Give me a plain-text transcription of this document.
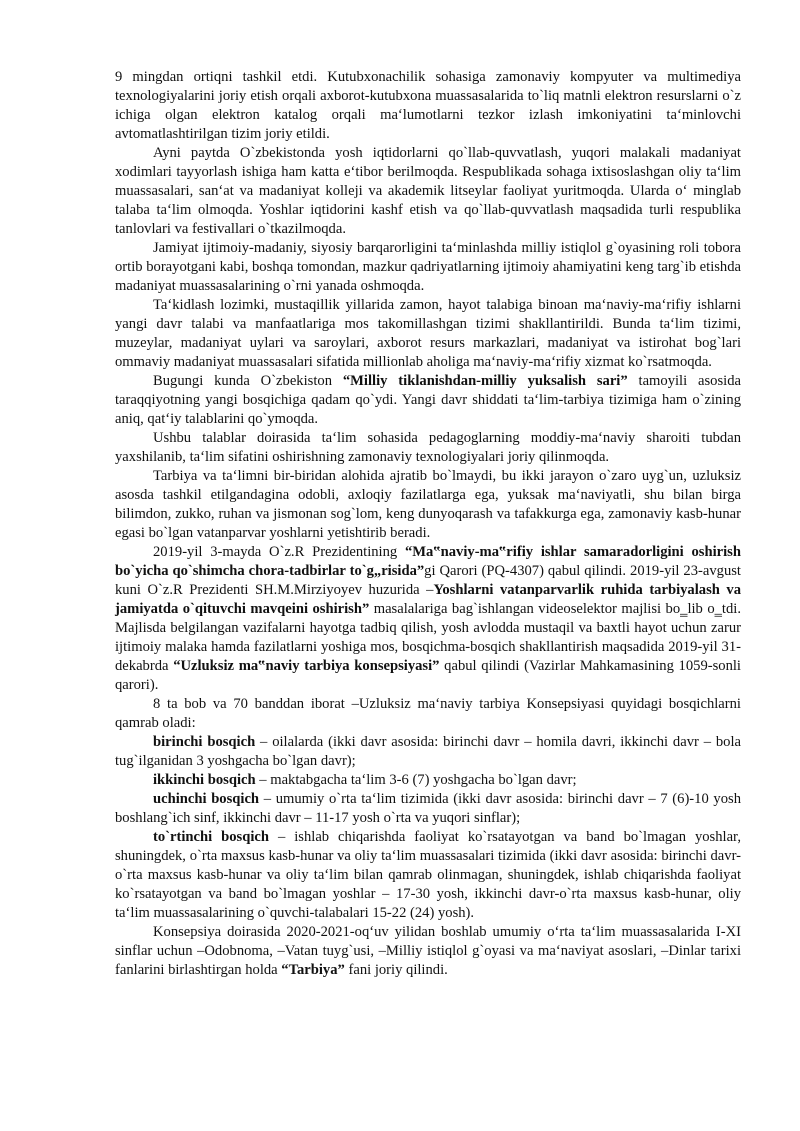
9 mingdan ortiqni tashkil etdi. Kutubxonachilik sohasiga zamonaviy kompyuter va multimediya texnologiyalarini joriy etish orqali axborot-kutubxona muassasalarida to`liq matnli elektron resurslarni o`z ichiga olgan elektron katalog orqali ma‘lumotlarni tezkor izlash imkoniyatini ta‘minlovchi avtomatlashtirilgan tizim joriy etildi.

Ayni paytda O`zbekistonda yosh iqtidorlarni qo`llab-quvvatlash, yuqori malakali madaniyat xodimlari tayyorlash ishiga ham katta e‘tibor berilmoqda. Respublikada sohaga ixtisoslashgan oliy ta‘lim muassasalari, san‘at va madaniyat kolleji va akademik litseylar faoliyat yuritmoqda. Ularda o‘ minglab talaba ta‘lim olmoqda. Yoshlar iqtidorini kashf etish va qo`llab-quvvatlash maqsadida turli respublika tanlovlari va festivallari o`tkazilmoqda.

Jamiyat ijtimoiy-madaniy, siyosiy barqarorligini ta‘minlashda milliy istiqlol g`oyasining roli tobora ortib borayotgani kabi, boshqa tomondan, mazkur qadriyatlarning ijtimoiy ahamiyatini keng targ`ib etishda madaniyat muassasalarining o`rni yanada oshmoqda.

Ta‘kidlash lozimki, mustaqillik yillarida zamon, hayot talabiga binoan ma‘naviy-ma‘rifiy ishlarni yangi davr talabi va manfaatlariga mos takomillashgan tizimi shakllantirildi. Bunda ta‘lim tizimi, muzeylar, madaniyat uylari va saroylari, axborot resurs markazlari, madaniyat va istirohat bog`lari ommaviy madaniyat muassasalari sifatida millionlab aholiga ma‘naviy-ma‘rifiy xizmat ko`rsatmoqda.

Bugungi kunda O`zbekiston “Milliy tiklanishdan-milliy yuksalish sari” tamoyili asosida taraqqiyotning yangi bosqichiga qadam qo`ydi. Yangi davr shiddati ta‘lim-tarbiya tizimiga ham o`zining aniq, qat‘iy talablarini qo`ymoqda.

Ushbu talablar doirasida ta‘lim sohasida pedagoglarning moddiy-ma‘naviy sharoiti tubdan yaxshilanib, ta‘lim sifatini oshirishning zamonaviy texnologiyalari joriy qilinmoqda.

Tarbiya va ta‘limni bir-biridan alohida ajratib bo`lmaydi, bu ikki jarayon o`zaro uyg`un, uzluksiz asosda tashkil etilgandagina odobli, axloqiy fazilatlarga ega, yuksak ma‘naviyatli, shu bilan birga bilimdon, zukko, ruhan va jismonan sog`lom, keng dunyoqarash va tafakkurga ega, zamonaviy kasb-hunar egasi bo`lgan vatanparvar yoshlarni yetishtirib beradi.

2019-yil 3-mayda O`z.R Prezidentining “Ma‟naviy-ma‟rifiy ishlar samaradorligini oshirish bo`yicha qo`shimcha chora-tadbirlar to`g„risida”gi Qarori (PQ-4307) qabul qilindi. 2019-yil 23-avgust kuni O`z.R Prezidenti SH.M.Mirziyoyev huzurida –Yoshlarni vatanparvarlik ruhida tarbiyalash va jamiyatda o`qituvchi mavqeini oshirish” masalalariga bag`ishlangan videoselektor majlisi bo‗lib o‗tdi. Majlisda belgilangan vazifalarni hayotga tadbiq qilish, yosh avlodda mustaqil va baxtli hayot uchun zarur ijtimoiy malaka hamda fazilatlarni yoshiga mos, bosqichma-bosqich shakllantirish maqsadida 2019-yil 31-dekabrda “Uzluksiz ma‟naviy tarbiya konsepsiyasi” qabul qilindi (Vazirlar Mahkamasining 1059-sonli qarori).

8 ta bob va 70 banddan iborat –Uzluksiz ma‘naviy tarbiya Konsepsiyasi quyidagi bosqichlarni qamrab oladi:

birinchi bosqich – oilalarda (ikki davr asosida: birinchi davr – homila davri, ikkinchi davr – bola tug`ilganidan 3 yoshgacha bo`lgan davr);

ikkinchi bosqich – maktabgacha ta‘lim 3-6 (7) yoshgacha bo`lgan davr;

uchinchi bosqich – umumiy o`rta ta‘lim tizimida (ikki davr asosida: birinchi davr – 7 (6)-10 yosh boshlang`ich sinf, ikkinchi davr – 11-17 yosh o`rta va yuqori sinflar);

to`rtinchi bosqich – ishlab chiqarishda faoliyat ko`rsatayotgan va band bo`lmagan yoshlar, shuningdek, o`rta maxsus kasb-hunar va oliy ta‘lim muassasalari tizimida (ikki davr asosida: birinchi davr-o`rta maxsus kasb-hunar va oliy ta‘lim bilan qamrab olinmagan, shuningdek, ishlab chiqarishda faoliyat ko`rsatayotgan va band bo`lmagan yoshlar – 17-30 yosh, ikkinchi davr-o`rta maxsus kasb-hunar, oliy ta‘lim muassasalarining o`quvchi-talabalari 15-22 (24) yosh).

Konsepsiya doirasida 2020-2021-oq‘uv yilidan boshlab umumiy o‘rta ta‘lim muassasalarida I-XI sinflar uchun –Odobnoma, –Vatan tuyg`usi, –Milliy istiqlol g`oyasi va ma‘naviyat asoslari, –Dinlar tarixi fanlarini birlashtirgan holda “Tarbiya” fani joriy qilindi.
